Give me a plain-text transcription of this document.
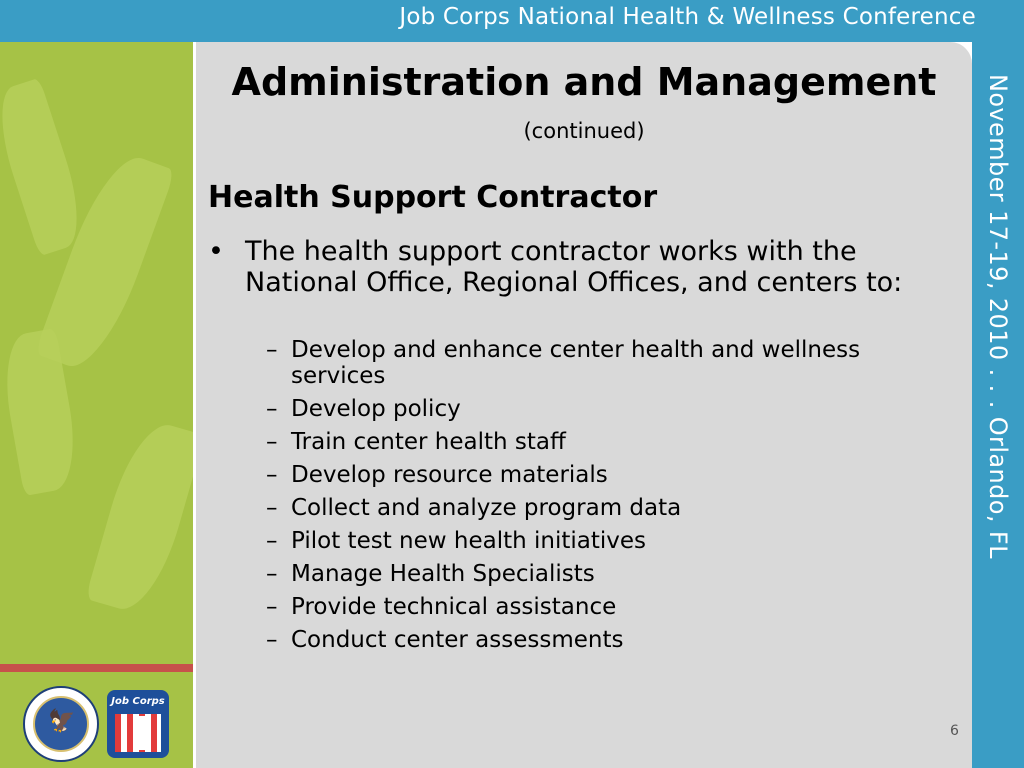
Job Corps National Health & Wellness Conference
November 17-19, 2010 . . . Orlando, FL
🦅
Job Corps
Administration and Management
(continued)
Health Support Contractor
• The health support contractor works with the National Office, Regional Offices, and centers to:
– Develop and enhance center health and wellness services
– Develop policy
– Train center health staff
– Develop resource materials
– Collect and analyze program data
– Pilot test new health initiatives
– Manage Health Specialists
– Provide technical assistance
– Conduct center assessments
6
